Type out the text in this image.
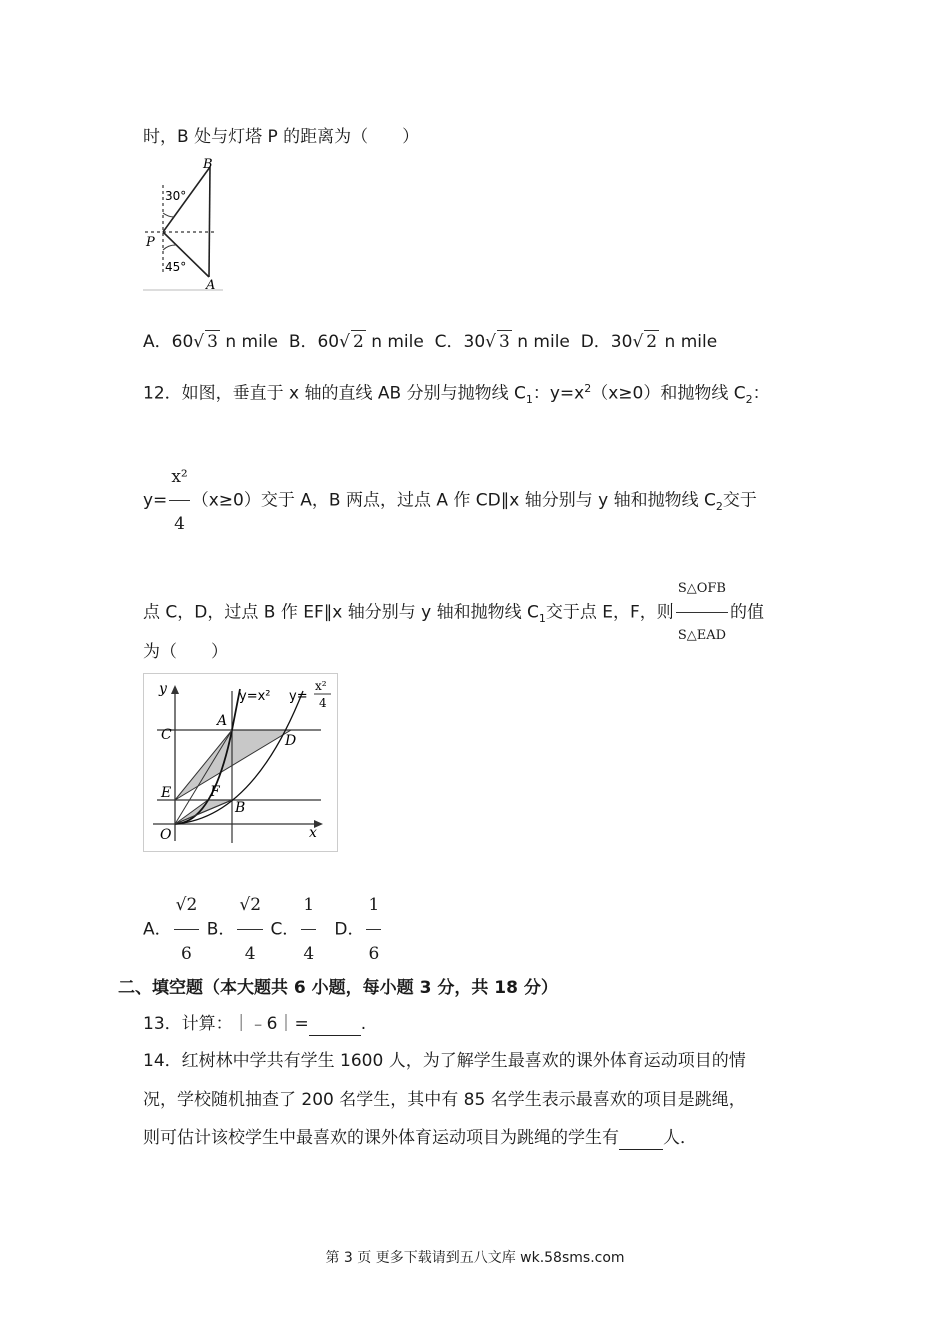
时，B 处与灯塔 P 的距离为（　　）
B
P
A
30°
45°
A．60√ 3 n mile B．60√ 2 n mile C．30√ 3 n mile D．30√ 2 n mile
12．如图，垂直于 x 轴的直线 AB 分别与抛物线 $C_1$：$y=x^2(x\ge 0)$和抛物线 $C_2$：
$y= \frac{\text{x²}}{4} (x\ge 0)$交于 A，B 两点，过点 A 作 CD∥x 轴分别与 y 轴和抛物线 $C_2$交于
点 C，D，过点 B 作 EF∥x 轴分别与 y 轴和抛物线 $C_1$交于点 E，F，则 $\frac{\text{S△OFB}}{\text{S△EAD}}$ 的值
为（　　）
y
x
O
y=x² y=
x²
4
A
B
C	D
E	F
A． $\frac{√2}{6}$ B． $\frac{√2}{4}$ C． $\frac{1}{4}$ D． $\frac{1}{6}$
二、填空题（本大题共 6 小题，每小题 3 分，共 18 分）
13．计算：｜﹣6｜=	.
14．红树林中学共有学生 1600 人，为了解学生最喜欢的课外体育运动项目的情
况，学校随机抽查了 200 名学生，其中有 85 名学生表示最喜欢的项目是跳绳，
则可估计该校学生中最喜欢的课外体育运动项目为跳绳的学生有	人．
第 3 页 更多下载请到五八文库 wk.58sms.com
